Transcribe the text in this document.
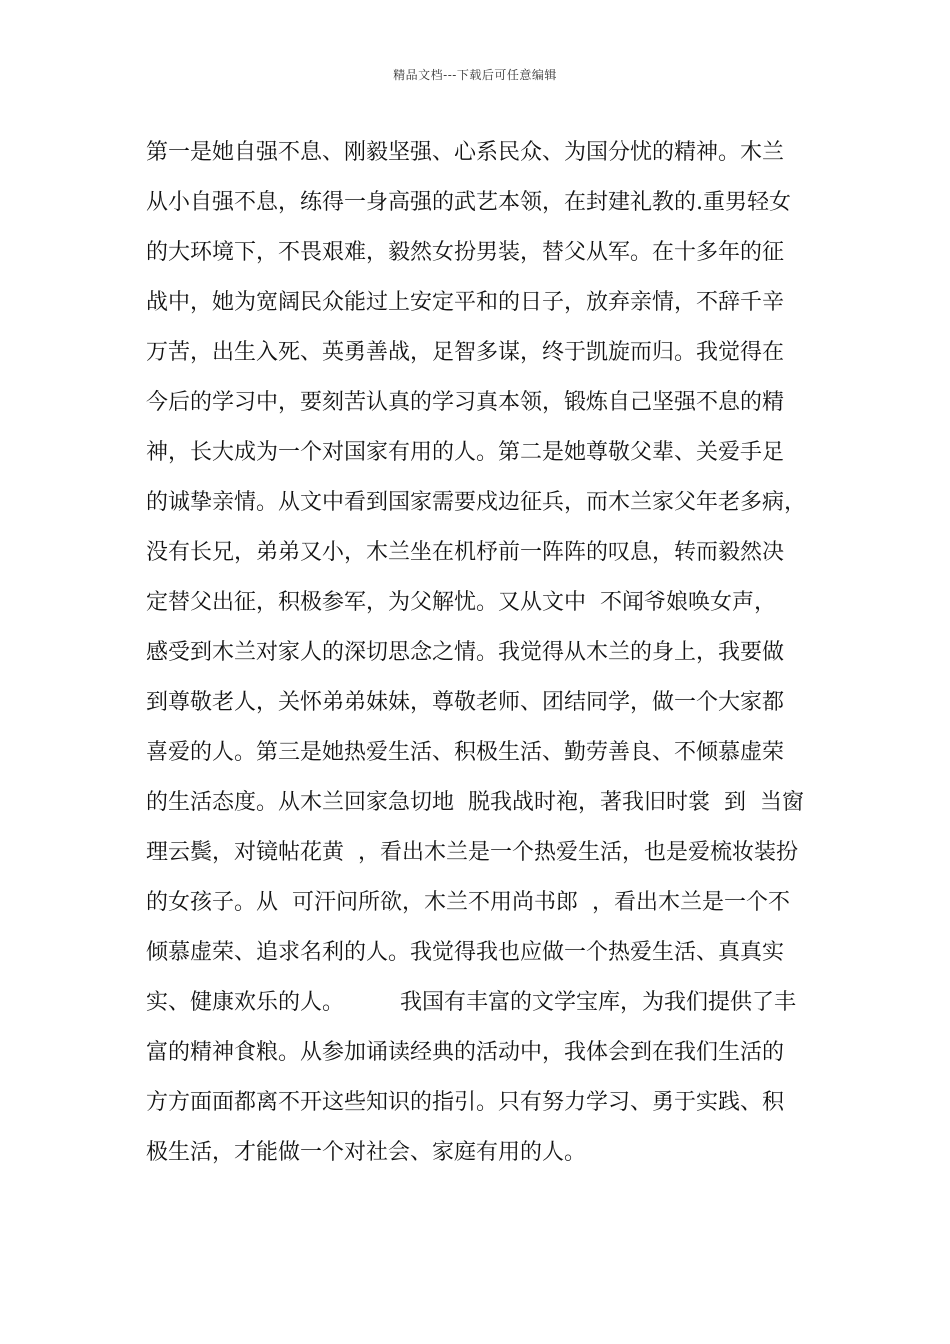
精品文档---下载后可任意编辑
第一是她自强不息、刚毅坚强、心系民众、为国分忧的精神。木兰
从小自强不息，练得一身高强的武艺本领，在封建礼教的.重男轻女
的大环境下，不畏艰难，毅然女扮男装，替父从军。在十多年的征
战中，她为宽阔民众能过上安定平和的日子，放弃亲情，不辞千辛
万苦，出生入死、英勇善战，足智多谋，终于凯旋而归。我觉得在
今后的学习中，要刻苦认真的学习真本领，锻炼自己坚强不息的精
神，长大成为一个对国家有用的人。第二是她尊敬父辈、关爱手足
的诚挚亲情。从文中看到国家需要戍边征兵，而木兰家父年老多病，
没有长兄，弟弟又小，木兰坐在机杼前一阵阵的叹息，转而毅然决
定替父出征，积极参军，为父解忧。又从文中  不闻爷娘唤女声，
感受到木兰对家人的深切思念之情。我觉得从木兰的身上，我要做
到尊敬老人，关怀弟弟妹妹，尊敬老师、团结同学，做一个大家都
喜爱的人。第三是她热爱生活、积极生活、勤劳善良、不倾慕虚荣
的生活态度。从木兰回家急切地  脱我战时袍，著我旧时裳  到  当窗
理云鬓，对镜帖花黄  ，看出木兰是一个热爱生活，也是爱梳妆装扮
的女孩子。从  可汗问所欲，木兰不用尚书郎  ，看出木兰是一个不
倾慕虚荣、追求名利的人。我觉得我也应做一个热爱生活、真真实
实、健康欢乐的人。        我国有丰富的文学宝库，为我们提供了丰
富的精神食粮。从参加诵读经典的活动中，我体会到在我们生活的
方方面面都离不开这些知识的指引。只有努力学习、勇于实践、积
极生活，才能做一个对社会、家庭有用的人。
